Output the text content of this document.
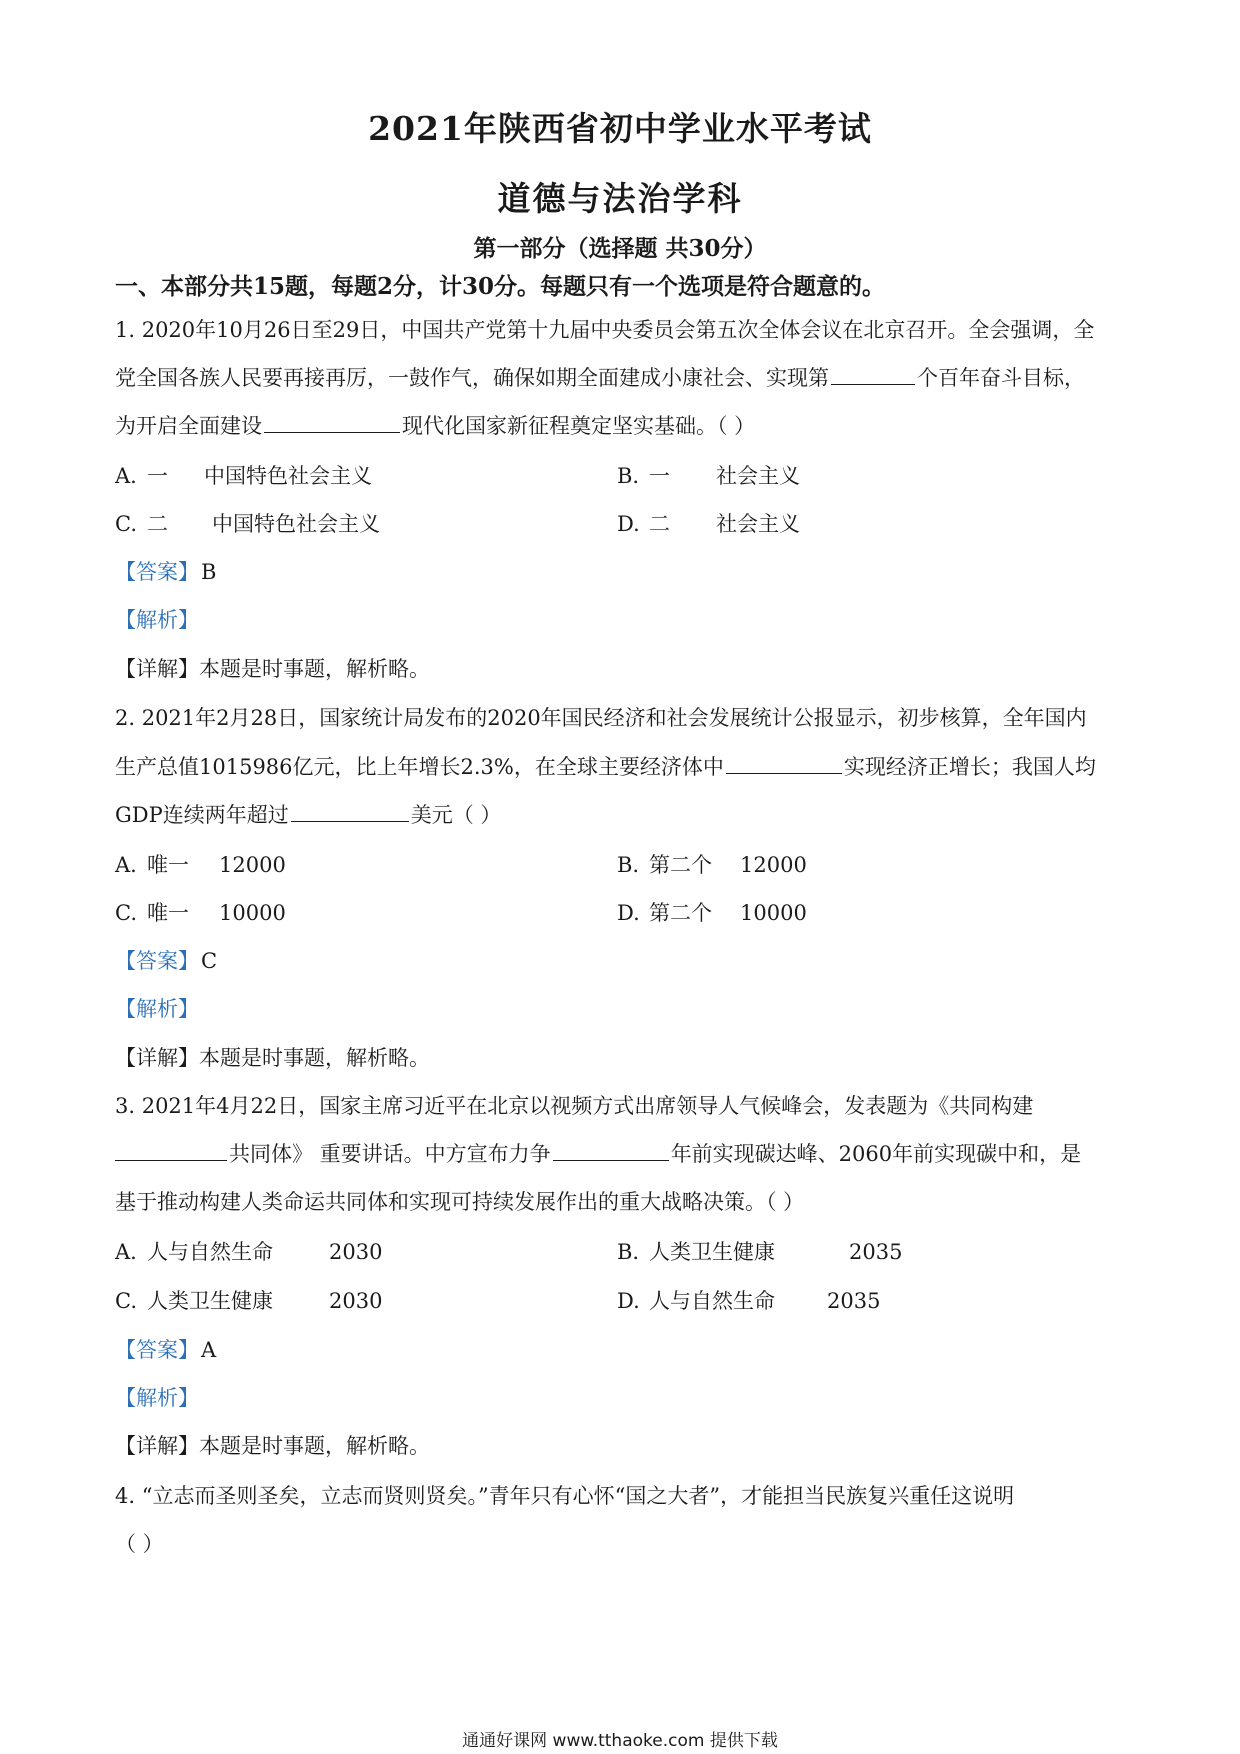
2021年陕西省初中学业水平考试
道德与法治学科
第一部分（选择题 共30分）
一、本部分共15题，每题2分，计30分。每题只有一个选项是符合题意的。
1. 2020年10月26日至29日，中国共产党第十九届中央委员会第五次全体会议在北京召开。全会强调，全
党全国各族人民要再接再厉，一鼓作气，确保如期全面建成小康社会、实现第	个百年奋斗目标，
为开启全面建设	现代化国家新征程奠定坚实基础。（ ）
A. 一 中国特色社会主义	B. 一 社会主义
C. 二 中国特色社会主义	D. 二 社会主义
【答案】B
【解析】
【详解】本题是时事题，解析略。
2. 2021年2月28日，国家统计局发布的2020年国民经济和社会发展统计公报显示，初步核算，全年国内
生产总值1015986亿元，比上年增长2.3%，在全球主要经济体中	实现经济正增长；我国人均
GDP连续两年超过	美元（ ）
A. 唯一 12000	B. 第二个 12000
C. 唯一 10000	D. 第二个 10000
【答案】C
【解析】
【详解】本题是时事题，解析略。
3. 2021年4月22日，国家主席习近平在北京以视频方式出席领导人气候峰会，发表题为《共同构建
共同体》 重要讲话。中方宣布力争	年前实现碳达峰、2060年前实现碳中和，是
基于推动构建人类命运共同体和实现可持续发展作出的重大战略决策。（ ）
A. 人与自然生命	2030	B. 人类卫生健康	2035
C. 人类卫生健康	2030	D. 人与自然生命 2035
【答案】A
【解析】
【详解】本题是时事题，解析略。
4. “立志而圣则圣矣，立志而贤则贤矣。”青年只有心怀“国之大者”，才能担当民族复兴重任这说明
（ ）
通通好课网 www.tthaoke.com 提供下载
